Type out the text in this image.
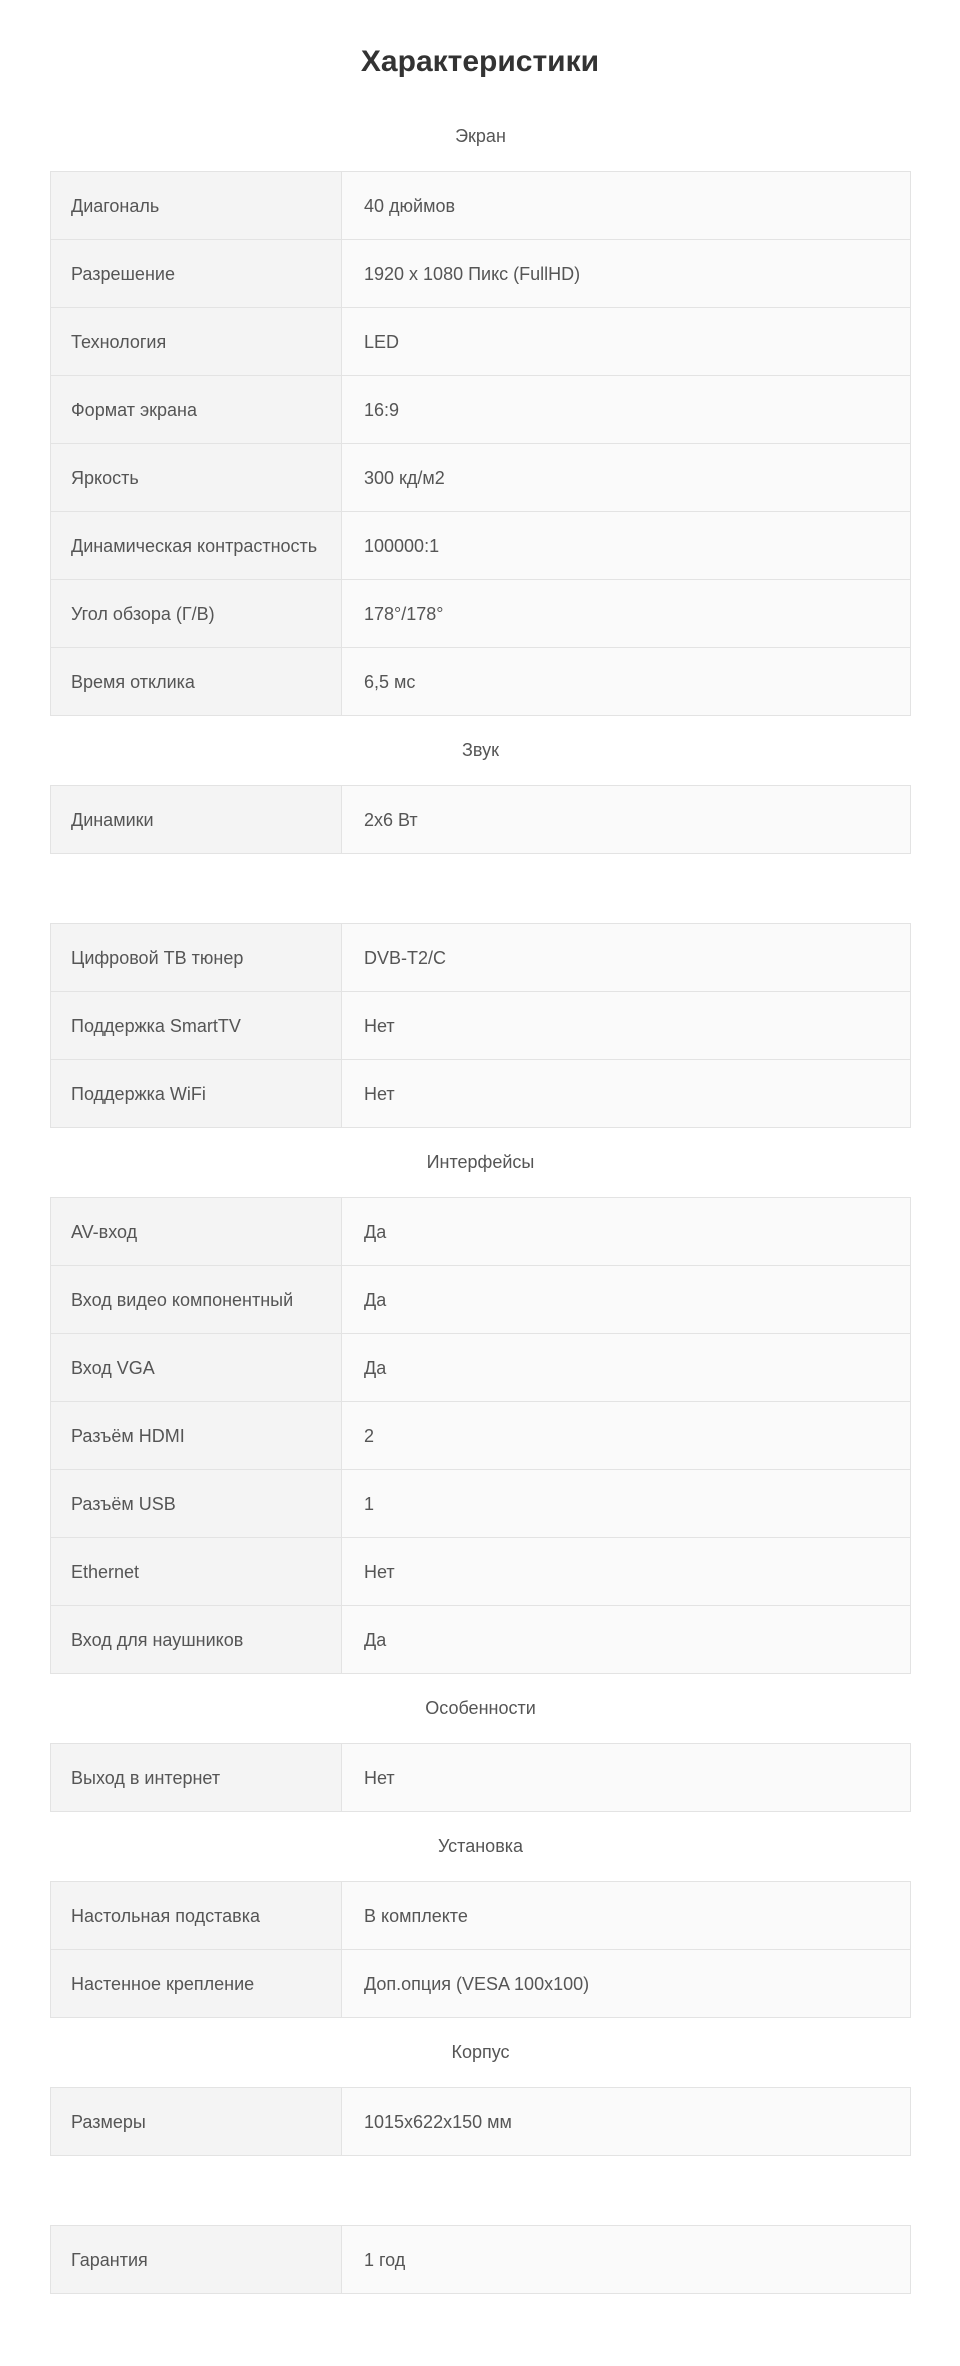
Характеристики
Экран
Диагональ	40 дюймов
Разрешение	1920 x 1080 Пикс (FullHD)
Технология	LED
Формат экрана	16:9
Яркость	300 кд/м2
Динамическая контрастность	100000:1
Угол обзора (Г/В)	178°/178°
Время отклика	6,5 мс
Звук
Динамики	2x6 Вт
Цифровой ТВ тюнер	DVB-T2/C
Поддержка SmartTV	Нет
Поддержка WiFi	Нет
Интерфейсы
AV-вход	Да
Вход видео компонентный	Да
Вход VGA	Да
Разъём HDMI	2
Разъём USB	1
Ethernet	Нет
Вход для наушников	Да
Особенности
Выход в интернет	Нет
Установка
Настольная подставка	В комплекте
Настенное крепление	Доп.опция (VESA 100x100)
Корпус
Размеры	1015x622x150 мм
Гарантия	1 год
